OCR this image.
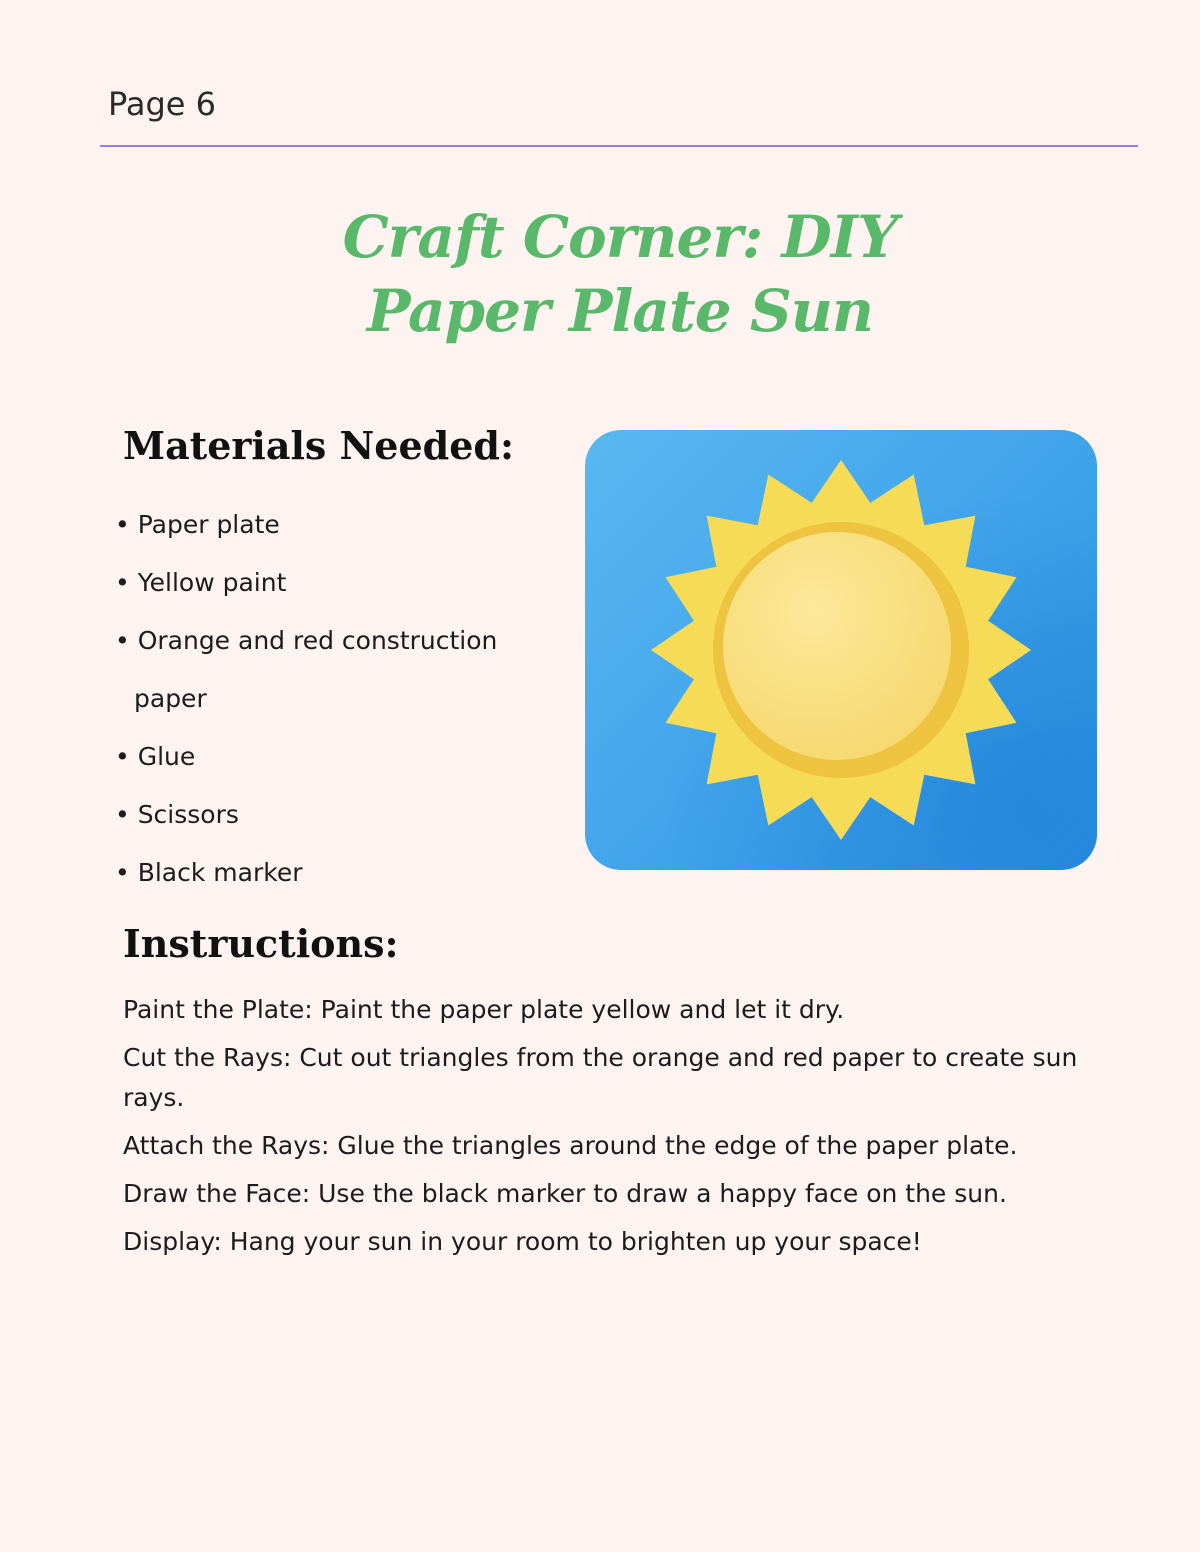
Page 6
Craft Corner: DIY
Paper Plate Sun
Materials Needed:
• Paper plate
• Yellow paint
• Orange and red construction paper
• Glue
• Scissors
• Black marker
Instructions:

Paint the Plate: Paint the paper plate yellow and let it dry.

Cut the Rays: Cut out triangles from the orange and red paper to create sun rays.

Attach the Rays: Glue the triangles around the edge of the paper plate.

Draw the Face: Use the black marker to draw a happy face on the sun.

Display: Hang your sun in your room to brighten up your space!
